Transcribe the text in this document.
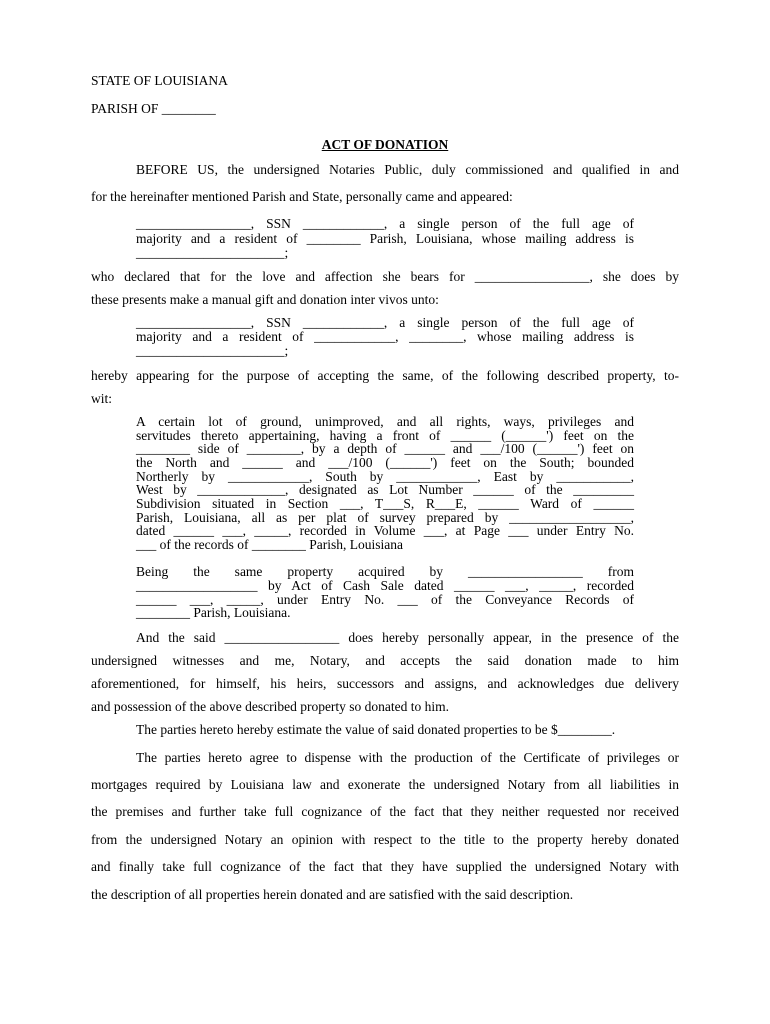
STATE OF LOUISIANA
PARISH OF ________
ACT OF DONATION
BEFORE US, the undersigned Notaries Public, duly commissioned and qualified in and
for the hereinafter mentioned Parish and State, personally came and appeared:
_________________, SSN ____________, a single person of the full age of
majority and a resident of ________ Parish, Louisiana, whose mailing address is
______________________;
who declared that for the love and affection she bears for _________________, she does by
these presents make a manual gift and donation inter vivos unto:
_________________, SSN ____________, a single person of the full age of
majority and a resident of ____________, ________, whose mailing address is
______________________;
hereby appearing for the purpose of accepting the same, of the following described property, to-
wit:
A certain lot of ground, unimproved, and all rights, ways, privileges and
servitudes thereto appertaining, having a front of ______ (______') feet on the
________ side of ________, by a depth of ______ and ___/100 (______') feet on
the North and ______ and ___/100 (______') feet on the South; bounded
Northerly by ____________, South by ____________, East by ___________,
West by _____________, designated as Lot Number ______ of the _________
Subdivision situated in Section ___, T___S, R___E, ______ Ward of ______
Parish, Louisiana, all as per plat of survey prepared by __________________,
dated ______ ___, _____, recorded in Volume ___, at Page ___ under Entry No.
___ of the records of ________ Parish, Louisiana
Being the same property acquired by _________________ from
__________________ by Act of Cash Sale dated ______ ___, _____, recorded
______ ___, _____, under Entry No. ___ of the Conveyance Records of
________ Parish, Louisiana.
And the said _________________ does hereby personally appear, in the presence of the
undersigned witnesses and me, Notary, and accepts the said donation made to him
aforementioned, for himself, his heirs, successors and assigns, and acknowledges due delivery
and possession of the above described property so donated to him.
The parties hereto hereby estimate the value of said donated properties to be $________.
The parties hereto agree to dispense with the production of the Certificate of privileges or
mortgages required by Louisiana law and exonerate the undersigned Notary from all liabilities in
the premises and further take full cognizance of the fact that they neither requested nor received
from the undersigned Notary an opinion with respect to the title to the property hereby donated
and finally take full cognizance of the fact that they have supplied the undersigned Notary with
the description of all properties herein donated and are satisfied with the said description.
